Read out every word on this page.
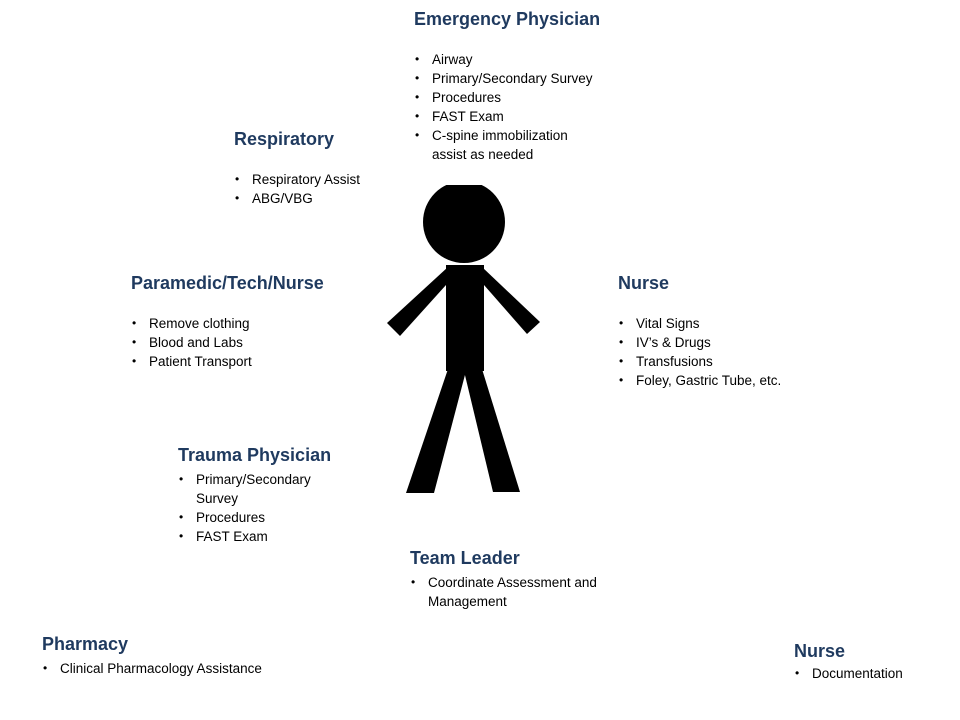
Emergency Physician
• Airway
• Primary/Secondary Survey
• Procedures
• FAST Exam
• C-spine immobilization
assist as needed
Respiratory
• Respiratory Assist
• ABG/VBG
Paramedic/Tech/Nurse
• Remove clothing
• Blood and Labs
• Patient Transport
Nurse
• Vital Signs
• IV’s & Drugs
• Transfusions
• Foley, Gastric Tube, etc.
Trauma Physician
• Primary/Secondary
Survey
• Procedures
• FAST Exam
Team Leader
• Coordinate Assessment and
Management
Pharmacy
• Clinical Pharmacology Assistance
Nurse
• Documentation
